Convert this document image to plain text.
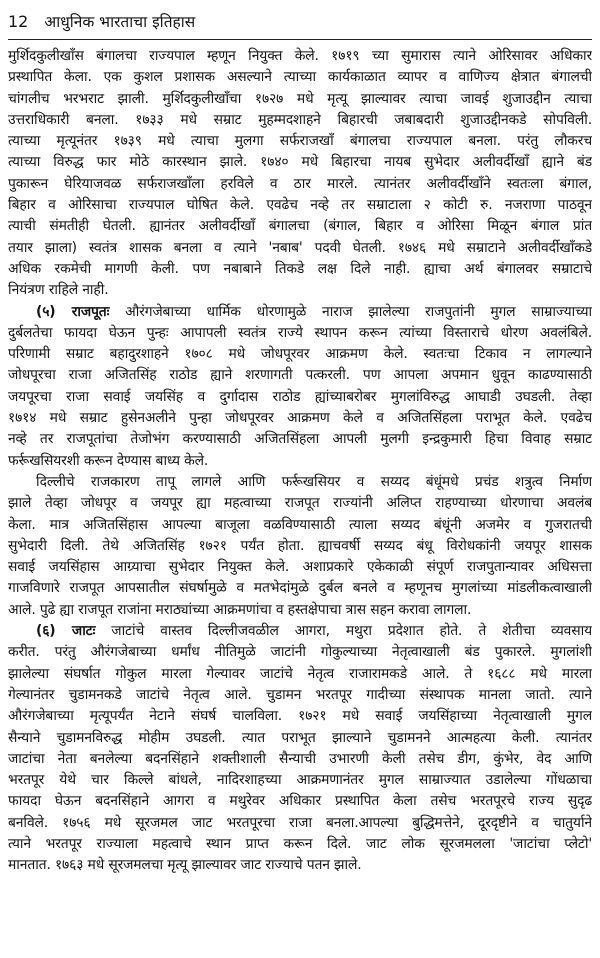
12 आधुनिक भारताचा इतिहास
मुर्शिदकुलीखाँस बंगालचा राज्यपाल म्हणून नियुक्त केले. १७१९ च्या सुमारास त्याने ओरिसावर अधिकार
प्रस्थापित केला. एक कुशल प्रशासक असल्याने त्याच्या कार्यकाळात व्यापर व वाणिज्य क्षेत्रात बंगालची
चांगलीच भरभराट झाली. मुर्शिदकुलीखाँचा १७२७ मधे मृत्यू झाल्यावर त्याचा जावई शुजाउद्दीन त्याचा
उत्तराधिकारी बनला. १७३३ मधे सम्राट मुहम्मदशाहने बिहारची जबाबदारी शुजाउद्दीनकडे सोपविली.
त्याच्या मृत्यूनंतर १७३९ मधे त्याचा मुलगा सर्फराजखाँ बंगालचा राज्यपाल बनला. परंतु लौकरच
त्याच्या विरुद्ध फार मोठे कारस्थान झाले. १७४० मधे बिहारचा नायब सुभेदार अलीवर्दीखाँ ह्याने बंड
पुकारून घेरियाजवळ सर्फराजखाँला हरविले व ठार मारले. त्यानंतर अलीवर्दीखाँने स्वतःला बंगाल,
बिहार व ओरिसाचा राज्यपाल घोषित केले. एवढेच नव्हे तर सम्राटाला २ कोटी रु. नजराणा पाठवून
त्याची संमतीही घेतली. ह्यानंतर अलीवर्दीखाँ बंगालचा (बंगाल, बिहार व ओरिसा मिळून बंगाल प्रांत
तयार झाला) स्वतंत्र शासक बनला व त्याने 'नबाब' पदवी घेतली. १७४६ मधे सम्राटाने अलीवर्दीखाँकडे
अधिक रकमेची मागणी केली. पण नबाबाने तिकडे लक्ष दिले नाही. ह्याचा अर्थ बंगालवर सम्राटाचे
नियंत्रण राहिले नाही.
(५) राजपूतः औरंगजेबाच्या धार्मिक धोरणामुळे नाराज झालेल्या राजपुतांनी मुगल साम्राज्याच्या
दुर्बलतेचा फायदा घेऊन पुन्हः आपापली स्वतंत्र राज्ये स्थापन करून त्यांच्या विस्ताराचे धोरण अवलंबिले.
परिणामी सम्राट बहादुरशाहने १७०८ मधे जोधपूरवर आक्रमण केले. स्वतःचा टिकाव न लागल्याने
जोधपूरचा राजा अजितसिंह राठोड ह्याने शरणागती पत्करली. पण आपला अपमान धुवून काढण्यासाठी
जयपूरचा राजा सवाई जयसिंह व दुर्गादास राठोड ह्यांच्याबरोबर मुगलांविरुद्ध आघाडी उघडली. तेव्हा
१७१४ मधे सम्राट हुसेनअलीने पुन्हा जोधपूरवर आक्रमण केले व अजितसिंहला पराभूत केले. एवढेच
नव्हे तर राजपूतांचा तेजोभंग करण्यासाठी अजितसिंहला आपली मुलगी इन्द्रकुमारी हिचा विवाह सम्राट
फर्रूखसियरशी करून देण्यास बाध्य केले.
दिल्लीचे राजकारण तापू लागले आणि फर्रूखसियर व सय्यद बंधूंमधे प्रचंड शत्रुत्व निर्माण
झाले तेव्हा जोधपूर व जयपूर ह्या महत्वाच्या राजपूत राज्यांनी अलिप्त राहण्याच्या धोरणाचा अवलंब
केला. मात्र अजितसिंहास आपल्या बाजूला वळविण्यासाठी त्याला सय्यद बंधूंनी अजमेर व गुजरातची
सुभेदारी दिली. तेथे अजितसिंह १७२१ पर्यंत होता. ह्याचवर्षी सय्यद बंधू विरोधकांनी जयपूर शासक
सवाई जयसिंहास आग्र्याचा सुभेदार नियुक्त केले. अशाप्रकारे एकेकाळी संपूर्ण राजपुतान्यावर अधिसत्ता
गाजविणारे राजपूत आपसातील संघर्षामुळे व मतभेदांमुळे दुर्बल बनले व म्हणूनच मुगलांच्या मांडलीकत्वाखाली
आले. पुढे ह्या राजपूत राजांना मराठ्यांच्या आक्रमणांचा व हस्तक्षेपाचा त्रास सहन करावा लागला.
(६) जाटः जाटांचे वास्तव दिल्लीजवळील आगरा, मथुरा प्रदेशात होते. ते शेतीचा व्यवसाय
करीत. परंतु औरंगजेबाच्या धर्मांध नीतिमुळे जाटांनी गोकुल्याच्या नेतृत्वाखाली बंड पुकारले. मुगलांशी
झालेल्या संघर्षात गोकुल मारला गेल्यावर जाटांचे नेतृत्व राजारामकडे आले. ते १६८८ मधे मारला
गेल्यानंतर चुडामनकडे जाटांचे नेतृत्व आले. चुडामन भरतपूर गादीच्या संस्थापक मानला जातो. त्याने
औरंगजेबाच्या मृत्यूपर्यंत नेटाने संघर्ष चालविला. १७२१ मधे सवाई जयसिंहाच्या नेतृत्वाखाली मुगल
सैन्याने चुडामनविरुद्ध मोहीम उघडली. त्यात पराभूत झाल्याने चुडामनने आत्महत्या केली. त्यानंतर
जाटांचा नेता बनलेल्या बदनसिंहाने शक्तीशाली सैन्याची उभारणी केली तसेच डीग, कुंभेर, वेद आणि
भरतपूर येथे चार किल्ले बांधले, नादिरशाहच्या आक्रमणानंतर मुगल साम्राज्यात उडालेल्या गोंधळाचा
फायदा घेऊन बदनसिंहाने आगरा व मथुरेवर अधिकार प्रस्थापित केला तसेच भरतपूरचे राज्य सुदृढ
बनविले. १७५६ मधे सूरजमल जाट भरतपूरचा राजा बनला.आपल्या बुद्धिमत्तेने, दूरदृष्टीने व चातुर्याने
त्याने भरतपूर राज्याला महत्वाचे स्थान प्राप्त करून दिले. जाट लोक सूरजमलला 'जाटांचा प्लेटो'
मानतात. १७६३ मधे सूरजमलचा मृत्यू झाल्यावर जाट राज्याचे पतन झाले.
